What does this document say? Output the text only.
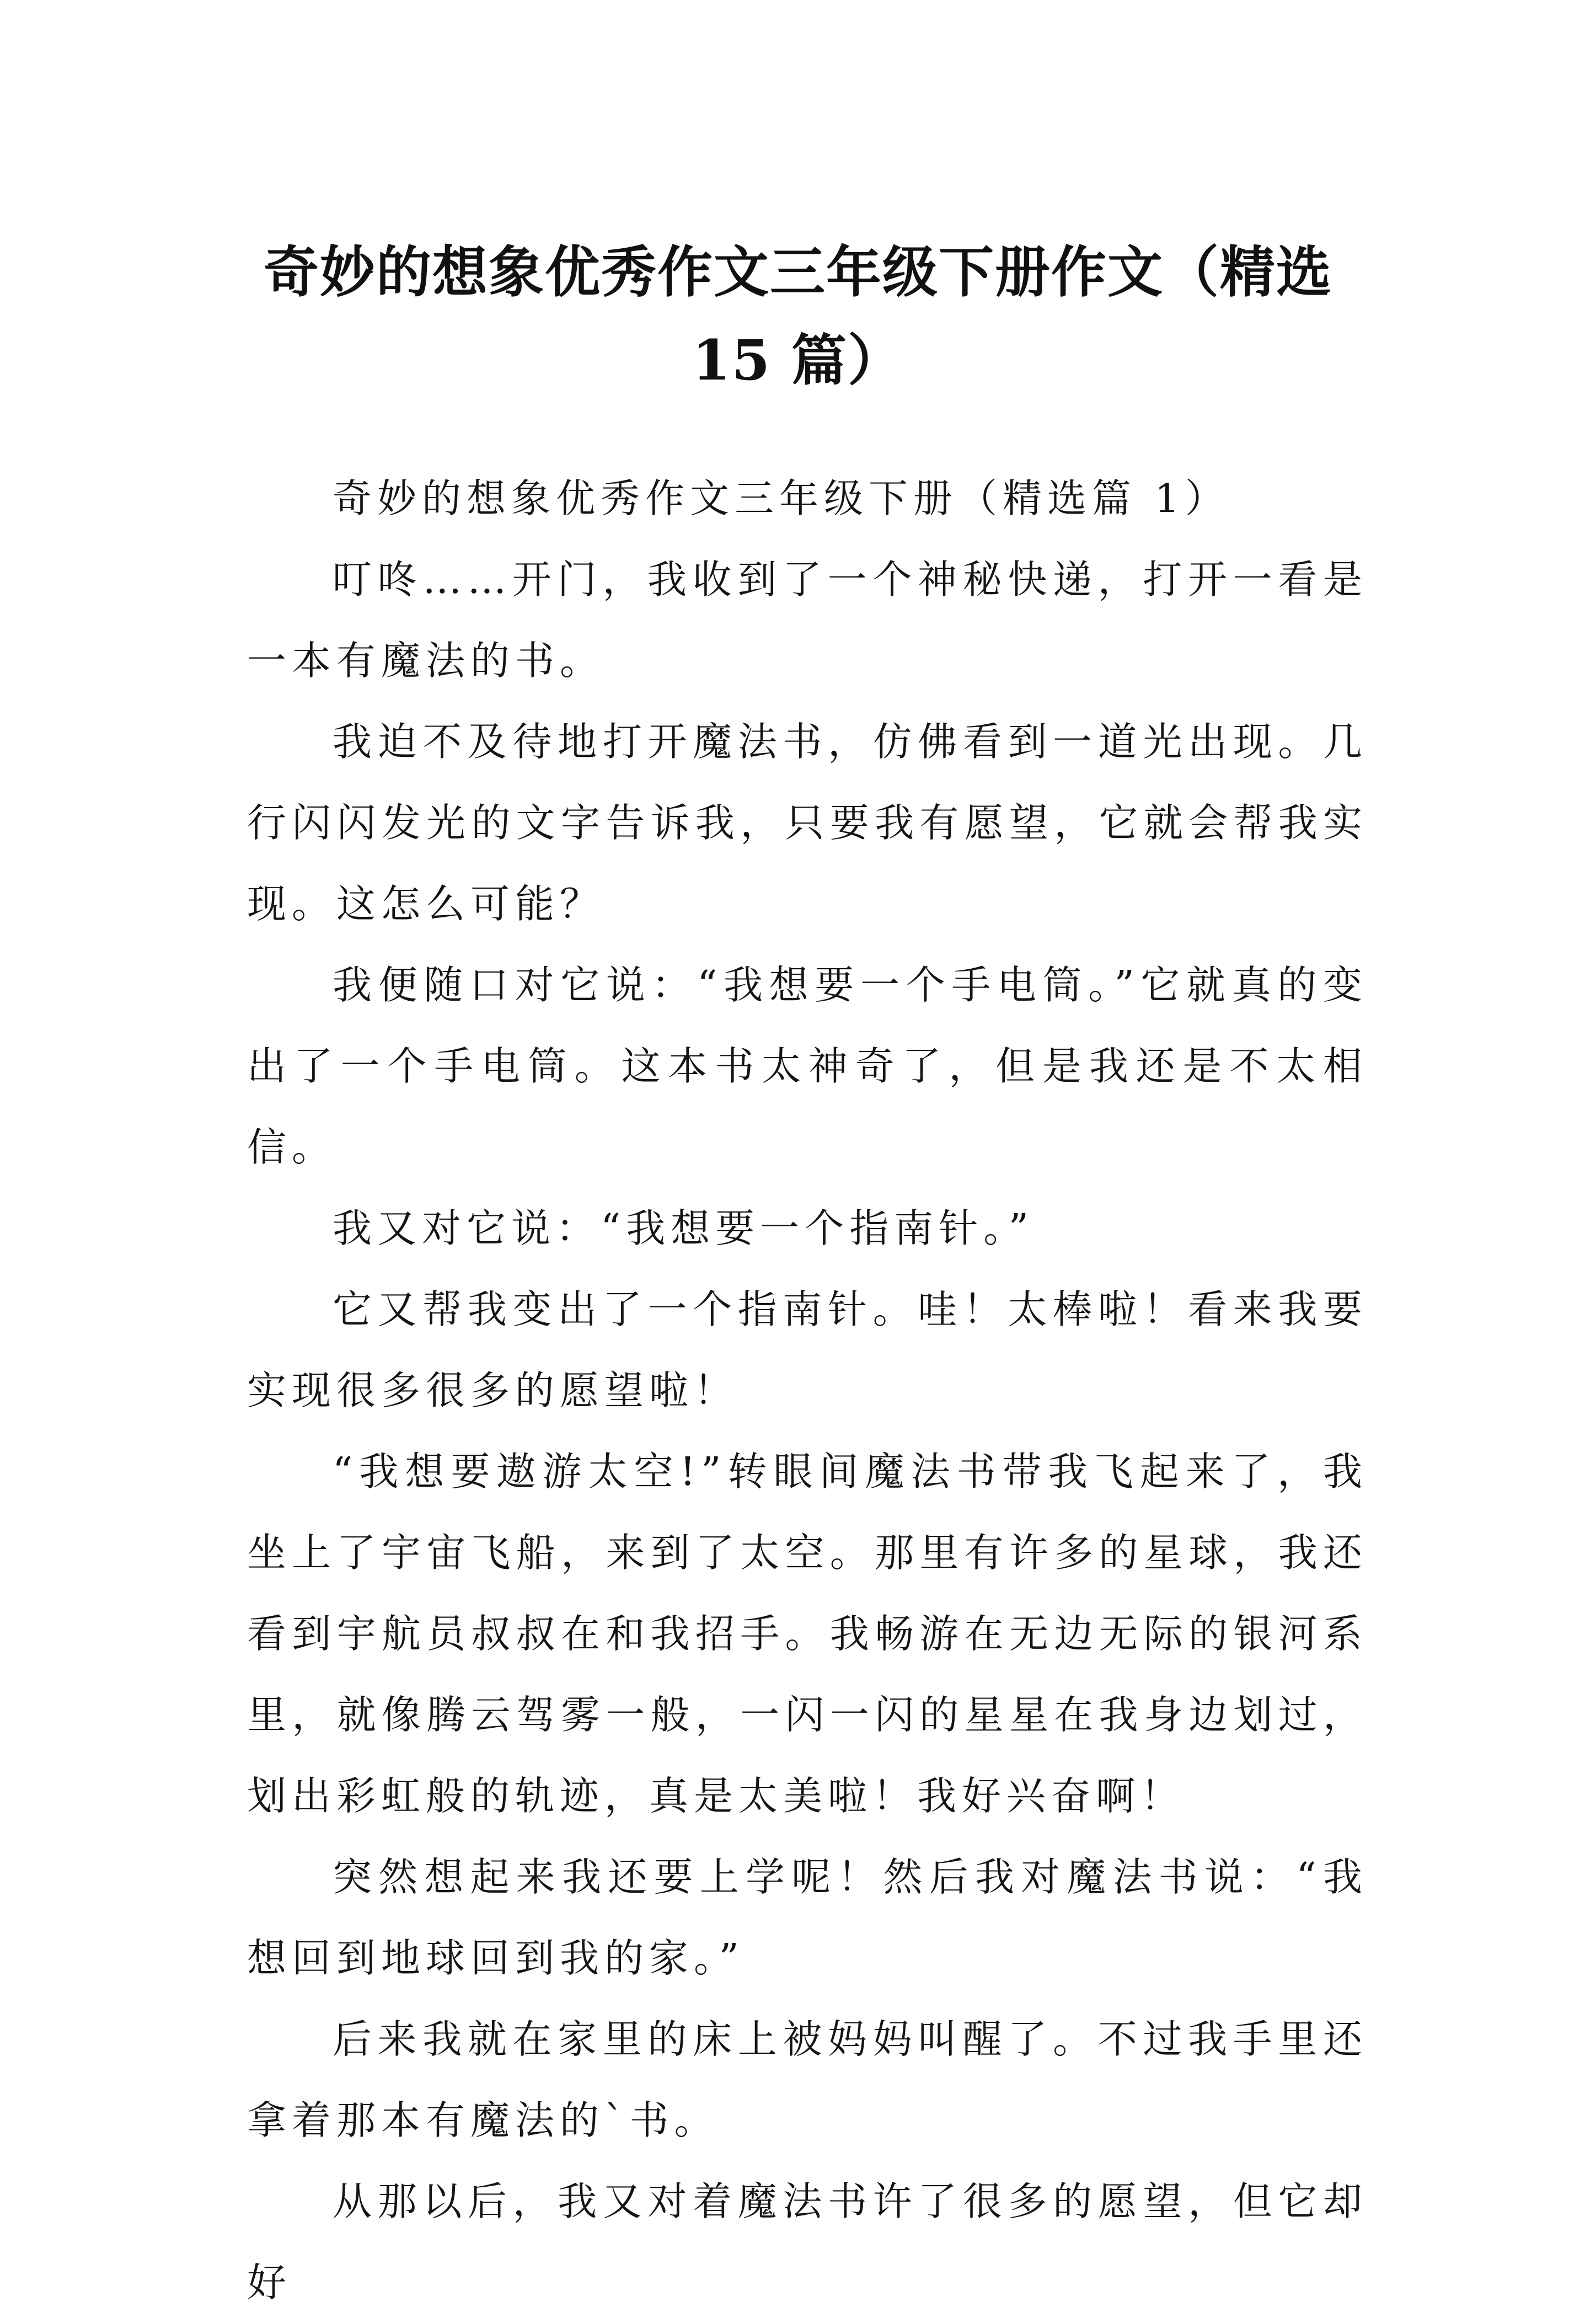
奇妙的想象优秀作文三年级下册作文（精选
15 篇）

奇妙的想象优秀作文三年级下册（精选篇 1）

叮咚……开门，我收到了一个神秘快递，打开一看是一本有魔法的书。

我迫不及待地打开魔法书，仿佛看到一道光出现。几行闪闪发光的文字告诉我，只要我有愿望，它就会帮我实现。这怎么可能？

我便随口对它说：“我想要一个手电筒。”它就真的变出了一个手电筒。这本书太神奇了，但是我还是不太相信。

我又对它说：“我想要一个指南针。”

它又帮我变出了一个指南针。哇！太棒啦！看来我要实现很多很多的愿望啦！

“我想要遨游太空!”转眼间魔法书带我飞起来了，我坐上了宇宙飞船，来到了太空。那里有许多的星球，我还看到宇航员叔叔在和我招手。我畅游在无边无际的银河系里，就像腾云驾雾一般，一闪一闪的星星在我身边划过，划出彩虹般的轨迹，真是太美啦！我好兴奋啊！

突然想起来我还要上学呢！然后我对魔法书说：“我想回到地球回到我的家。”

后来我就在家里的床上被妈妈叫醒了。不过我手里还拿着那本有魔法的`书。

从那以后，我又对着魔法书许了很多的愿望，但它却好
